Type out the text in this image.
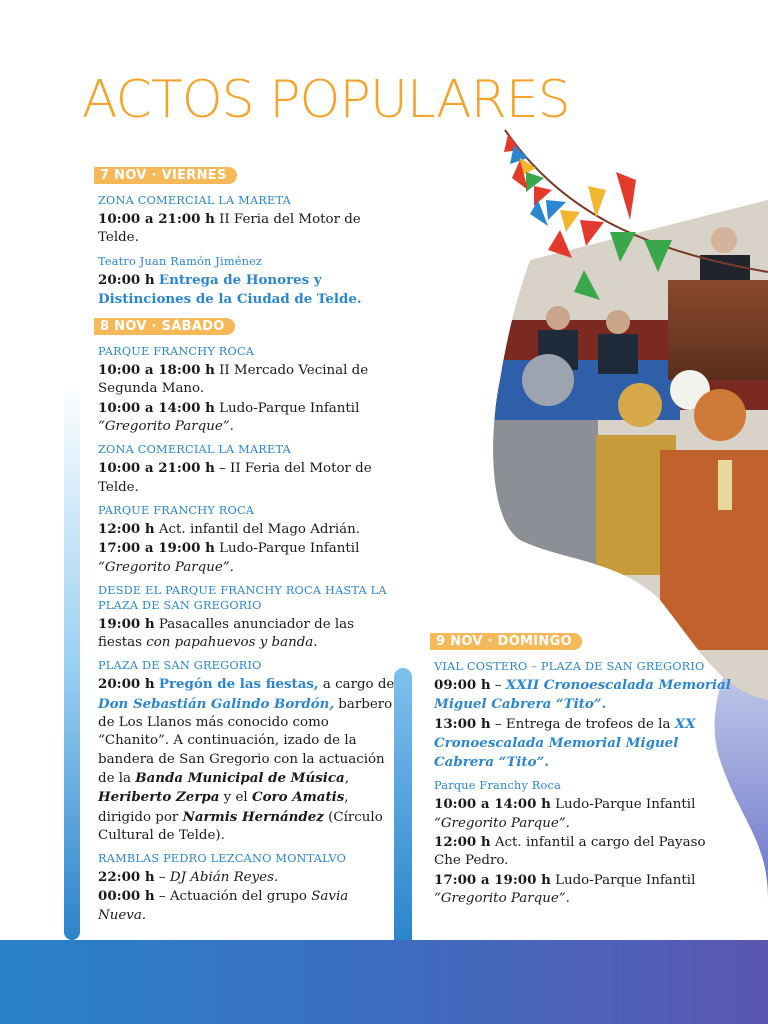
ACTOS POPULARES
7 NOV · VIERNES
ZONA COMERCIAL LA MARETA

10:00 a 21:00 h II Feria del Motor de Telde.

Teatro Juan Ramón Jiménez

20:00 h Entrega de Honores y Distinciones de la Ciudad de Telde.

8 NOV · SÁBADO
PARQUE FRANCHY ROCA

10:00 a 18:00 h II Mercado Vecinal de Segunda Mano.

10:00 a 14:00 h Ludo-Parque Infantil “Gregorito Parque”.

ZONA COMERCIAL LA MARETA

10:00 a 21:00 h – II Feria del Motor de Telde.

PARQUE FRANCHY ROCA

12:00 h Act. infantil del Mago Adrián.

17:00 a 19:00 h Ludo-Parque Infantil “Gregorito Parque”.

DESDE EL PARQUE FRANCHY ROCA HASTA LA PLAZA DE SAN GREGORIO

19:00 h Pasacalles anunciador de las fiestas con papahuevos y banda.

PLAZA DE SAN GREGORIO

20:00 h Pregón de las fiestas, a cargo de Don Sebastián Galindo Bordón, barbero de Los Llanos más conocido como “Chanito”. A continuación, izado de la bandera de San Gregorio con la actuación de la Banda Municipal de Música, Heriberto Zerpa y el Coro Amatis, dirigido por Narmis Hernández (Círculo Cultural de Telde).

RAMBLAS PEDRO LEZCANO MONTALVO

22:00 h – DJ Abián Reyes.

00:00 h – Actuación del grupo Savia Nueva.

9 NOV · DOMINGO
VIAL COSTERO – PLAZA DE SAN GREGORIO

09:00 h – XXII Cronoescalada Memorial Miguel Cabrera “Tito”.

13:00 h – Entrega de trofeos de la XX Cronoescalada Memorial Miguel Cabrera “Tito”.

Parque Franchy Roca

10:00 a 14:00 h Ludo-Parque Infantil “Gregorito Parque”.

12:00 h Act. infantil a cargo del Payaso Che Pedro.

17:00 a 19:00 h Ludo-Parque Infantil “Gregorito Parque”.
